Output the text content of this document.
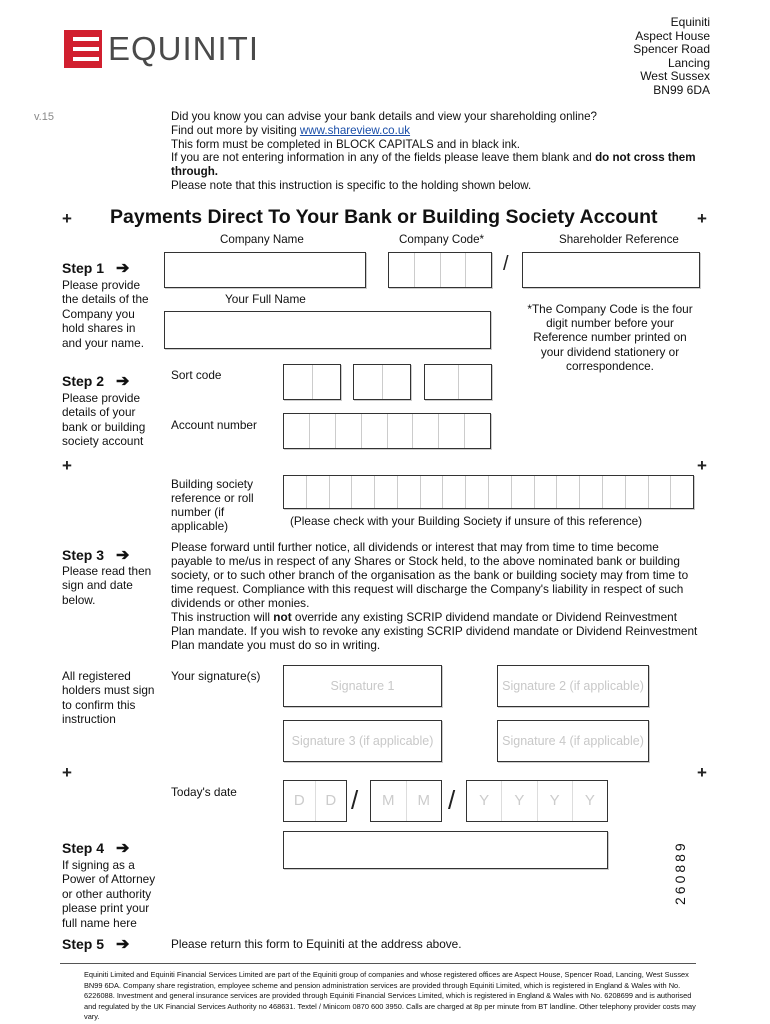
EQUINITI
Equiniti
Aspect House
Spencer Road
Lancing
West Sussex
BN99 6DA
v.15	Did you know you can advise your bank details and view your shareholding online?
Find out more by visiting www.shareview.co.uk
This form must be completed in BLOCK CAPITALS and in black ink.
If you are not entering information in any of the fields please leave them blank and do not cross them through.
Please note that this instruction is specific to the holding shown below.
+ Payments Direct To Your Bank or Building Society Account +
Company Name	Company Code*	Shareholder Reference
Step 1 ➔
Please provide the details of the Company you hold shares in and your name.
/
Your Full Name
*The Company Code is the four digit number before your Reference number printed on your dividend stationery or correspondence.
Step 2 ➔
Please provide details of your bank or building society account
Sort code
Account number
+	+
Building society reference or roll number (if applicable)	(Please check with your Building Society if unsure of this reference)
Step 3 ➔
Please read then sign and date below.
Please forward until further notice, all dividends or interest that may from time to time become payable to me/us in respect of any Shares or Stock held, to the above nominated bank or building society, or to such other branch of the organisation as the bank or building society may from time to time request. Compliance with this request will discharge the Company's liability in respect of such dividends or other monies.
This instruction will not override any existing SCRIP dividend mandate or Dividend Reinvestment Plan mandate. If you wish to revoke any existing SCRIP dividend mandate or Dividend Reinvestment Plan mandate you must do so in writing.
All registered holders must sign to confirm this instruction
Your signature(s)
Signature 1	Signature 2 (if applicable)
Signature 3 (if applicable)	Signature 4 (if applicable)
+	+
Today's date	D	D /	M	M /	Y	Y	Y	Y
Step 4 ➔
If signing as a Power of Attorney or other authority please print your full name here
260889
Step 5 ➔	Please return this form to Equiniti at the address above.
Equiniti Limited and Equiniti Financial Services Limited are part of the Equiniti group of companies and whose registered offices are Aspect House, Spencer Road, Lancing, West Sussex BN99 6DA. Company share registration, employee scheme and pension administration services are provided through Equiniti Limited, which is registered in England & Wales with No. 6226088. Investment and general insurance services are provided through Equiniti Financial Services Limited, which is registered in England & Wales with No. 6208699 and is authorised and regulated by the UK Financial Services Authority no 468631. Textel / Minicom 0870 600 3950. Calls are charged at 8p per minute from BT landline. Other telephony provider costs may vary.
